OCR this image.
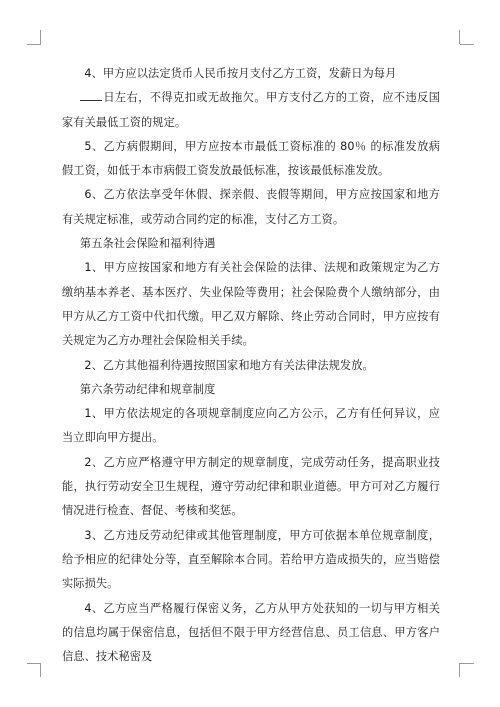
4、甲方应以法定货币人民币按月支付乙方工资，发薪日为每月

日左右，不得克扣或无故拖欠。甲方支付乙方的工资，应不违反国家有关最低工资的规定。

5、乙方病假期间，甲方应按本市最低工资标准的 80％ 的标准发放病假工资，如低于本市病假工资发放最低标准，按该最低标准发放。

6、乙方依法享受年休假、探亲假、丧假等期间，甲方应按国家和地方有关规定标准，或劳动合同约定的标准，支付乙方工资。

第五条社会保险和福利待遇

1、甲方应按国家和地方有关社会保险的法律、法规和政策规定为乙方缴纳基本养老、基本医疗、失业保险等费用；社会保险费个人缴纳部分，由甲方从乙方工资中代扣代缴。甲乙双方解除、终止劳动合同时，甲方应按有关规定为乙方办理社会保险相关手续。

2、乙方其他福利待遇按照国家和地方有关法律法规发放。

第六条劳动纪律和规章制度

1、甲方依法规定的各项规章制度应向乙方公示，乙方有任何异议，应当立即向甲方提出。

2、乙方应严格遵守甲方制定的规章制度，完成劳动任务，提高职业技能，执行劳动安全卫生规程，遵守劳动纪律和职业道德。甲方可对乙方履行情况进行检查、督促、考核和奖惩。

3、乙方违反劳动纪律或其他管理制度，甲方可依据本单位规章制度，给予相应的纪律处分等，直至解除本合同。若给甲方造成损失的，应当赔偿实际损失。

4、乙方应当严格履行保密义务，乙方从甲方处获知的一切与甲方相关的信息均属于保密信息，包括但不限于甲方经营信息、员工信息、甲方客户信息、技术秘密及
